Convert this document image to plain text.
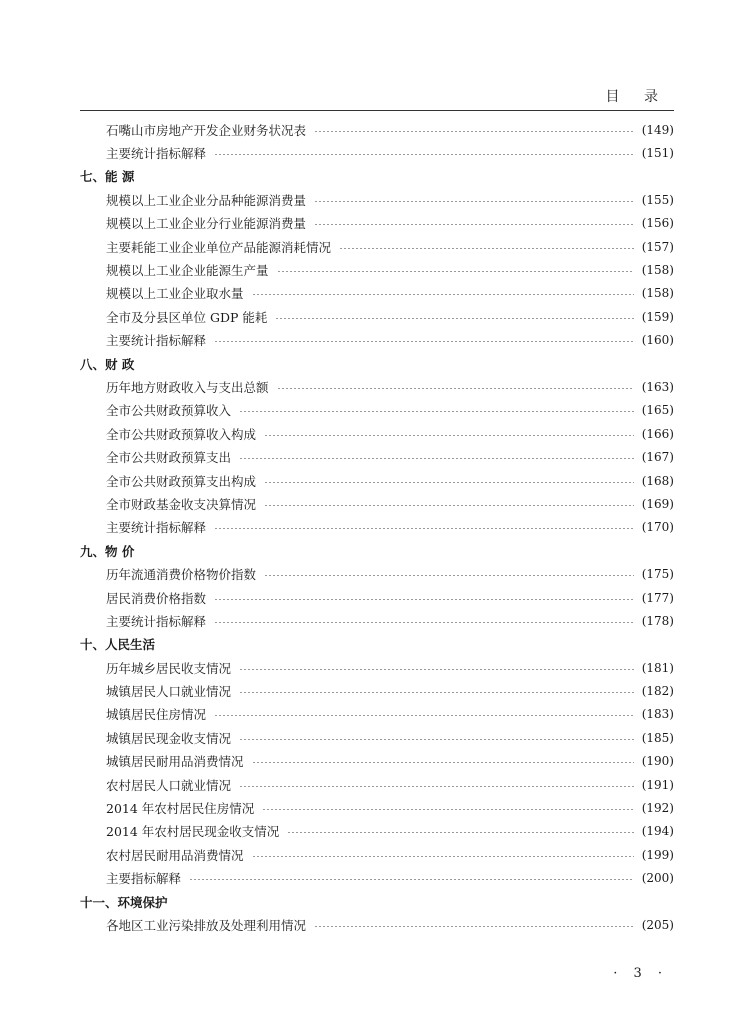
目 录
石嘴山市房地产开发企业财务状况表	(149)
主要统计指标解释	(151)
七、能 源
规模以上工业企业分品种能源消费量	(155)
规模以上工业企业分行业能源消费量	(156)
主要耗能工业企业单位产品能源消耗情况	(157)
规模以上工业企业能源生产量	(158)
规模以上工业企业取水量	(158)
全市及分县区单位 GDP 能耗	(159)
主要统计指标解释	(160)
八、财 政
历年地方财政收入与支出总额	(163)
全市公共财政预算收入	(165)
全市公共财政预算收入构成	(166)
全市公共财政预算支出	(167)
全市公共财政预算支出构成	(168)
全市财政基金收支决算情况	(169)
主要统计指标解释	(170)
九、物 价
历年流通消费价格物价指数	(175)
居民消费价格指数	(177)
主要统计指标解释	(178)
十、人民生活
历年城乡居民收支情况	(181)
城镇居民人口就业情况	(182)
城镇居民住房情况	(183)
城镇居民现金收支情况	(185)
城镇居民耐用品消费情况	(190)
农村居民人口就业情况	(191)
2014 年农村居民住房情况	(192)
2014 年农村居民现金收支情况	(194)
农村居民耐用品消费情况	(199)
主要指标解释	(200)
十一、环境保护
各地区工业污染排放及处理利用情况	(205)
· 3 ·
